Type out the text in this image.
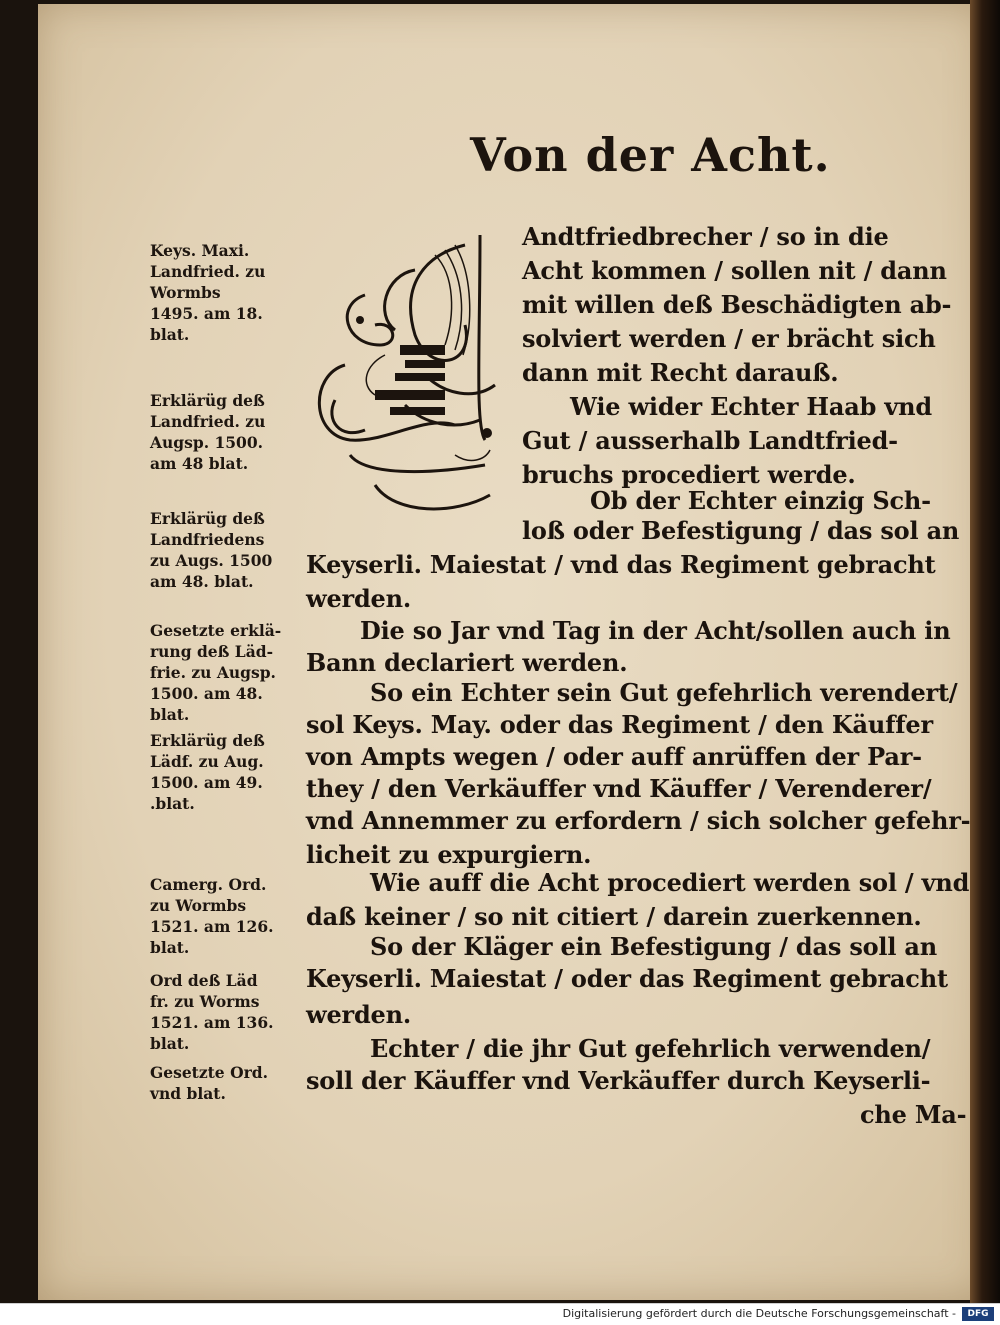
Von der Acht.
Keys. Maxi.
Landfried. zu
Wormbs
1495. am 18.
blat.
Erklärüg deß
Landfried. zu
Augsp. 1500.
am 48 blat.
Erklärüg deß
Landfriedens
zu Augs. 1500
am 48. blat.
Gesetzte erklä-
rung deß Läd-
frie. zu Augsp.
1500. am 48.
blat.
Erklärüg deß
Lädf. zu Aug.
1500. am 49.
.blat.
Camerg. Ord.
zu Wormbs
1521. am 126.
blat.
Ord deß Läd
fr. zu Worms
1521. am 136.
blat.
Gesetzte Ord.
vnd blat.
Andtfriedbrecher / so in die
Acht kommen / sollen nit / dann
mit willen deß Beschädigten ab-
solviert werden / er brächt sich
dann mit Recht darauß.
Wie wider Echter Haab vnd
Gut / ausserhalb Landtfried-
bruchs procediert werde.
Ob der Echter einzig Sch-
loß oder Befestigung / das sol an
Keyserli. Maiestat / vnd das Regiment gebracht
werden.
Die so Jar vnd Tag in der Acht/sollen auch in
Bann declariert werden.
So ein Echter sein Gut gefehrlich verendert/
sol Keys. May. oder das Regiment / den Käuffer
von Ampts wegen / oder auff anrüffen der Par-
they / den Verkäuffer vnd Käuffer / Verenderer/
vnd Annemmer zu erfordern / sich solcher gefehr-
licheit zu expurgiern.
Wie auff die Acht procediert werden sol / vnd
daß keiner / so nit citiert / darein zuerkennen.
So der Kläger ein Befestigung / das soll an
Keyserli. Maiestat / oder das Regiment gebracht
werden.
Echter / die jhr Gut gefehrlich verwenden/
soll der Käuffer vnd Verkäuffer durch Keyserli-
che Ma-
Digitalisierung gefördert durch die Deutsche Forschungsgemeinschaft -	DFG
